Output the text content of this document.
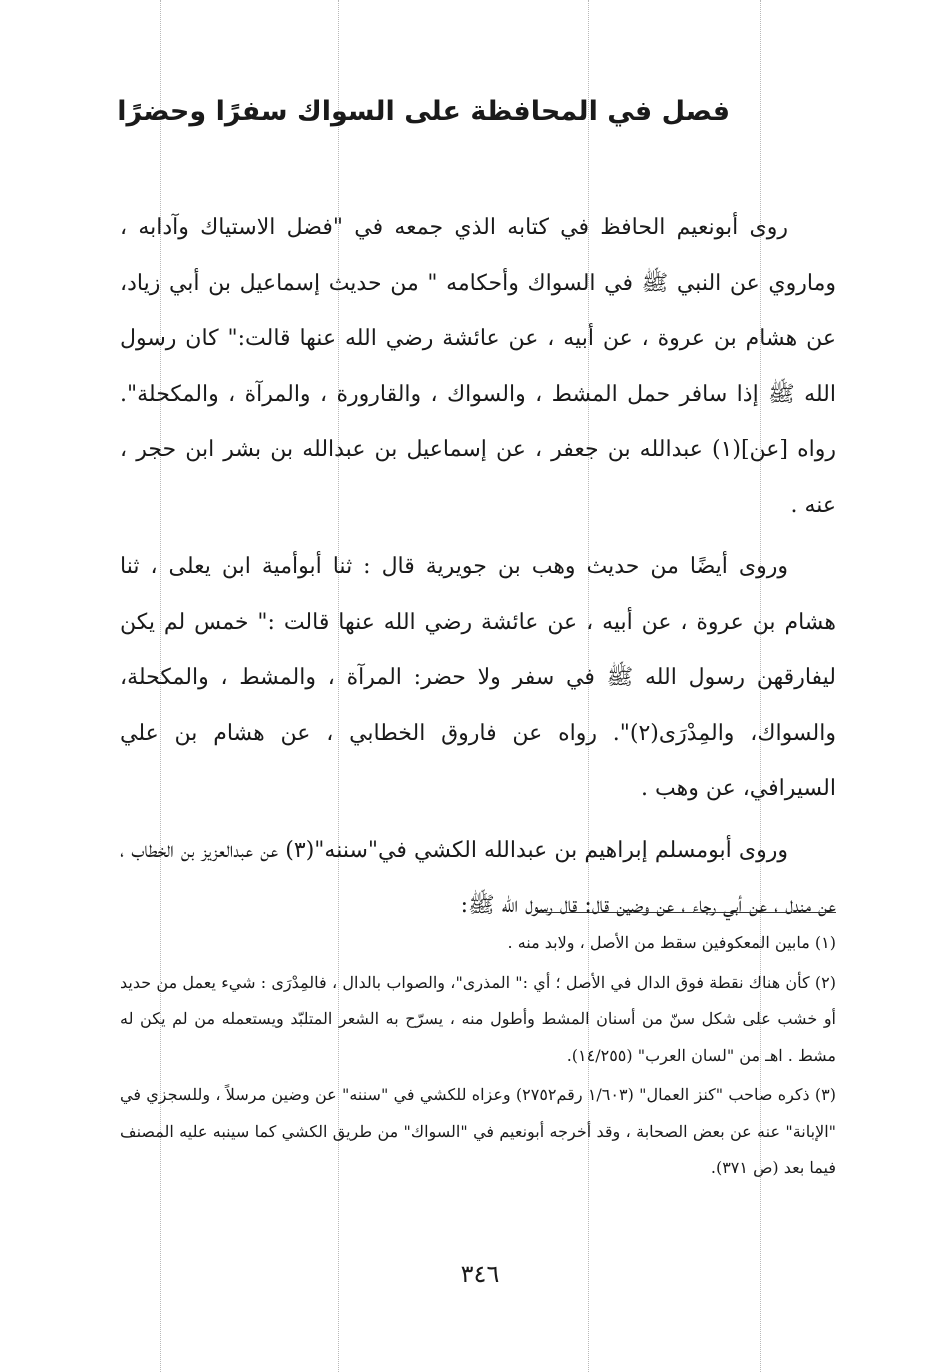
فصل في المحافظة على السواك سفرًا وحضرًا

روى أبونعيم الحافظ في كتابه الذي جمعه في "فضل الاستياك وآدابه ، وماروي عن النبي ﷺ في السواك وأحكامه " من حديث إسماعيل بن أبي زياد، عن هشام بن عروة ، عن أبيه ، عن عائشة رضي الله عنها قالت:" كان رسول الله ﷺ إذا سافر حمل المشط ، والسواك ، والقارورة ، والمرآة ، والمكحلة". رواه [عن](١) عبدالله بن جعفر ، عن إسماعيل بن عبدالله بن بشر ابن حجر ، عنه .

وروى أيضًا من حديث وهب بن جويرية قال : ثنا أبوأمية ابن يعلى ، ثنا هشام بن عروة ، عن أبيه ، عن عائشة رضي الله عنها قالت :" خمس لم يكن ليفارقهن رسول الله ﷺ في سفر ولا حضر: المرآة ، والمشط ، والمكحلة، والسواك، والمِدْرَى(٢)". رواه عن فاروق الخطابي ، عن هشام بن علي السيرافي، عن وهب .

وروى أبومسلم إبراهيم بن عبدالله الكشي في"سننه"(٣) عن عبدالعزيز بن الخطاب ، عن مندل ، عن أبي رجاء ، عن وضين قال: قال رسول الله ﷺ:

(١) مابين المعكوفين سقط من الأصل ، ولابد منه .

(٢) كأن هناك نقطة فوق الدال في الأصل ؛ أي :" المذرى"، والصواب بالدال ، فالمِدْرَى : شيء يعمل من حديد أو خشب على شكل سنّ من أسنان المشط وأطول منه ، يسرّح به الشعر المتلبّد ويستعمله من لم يكن له مشط . اهـ من "لسان العرب" (١٤/٢٥٥).

(٣) ذكره صاحب "كنز العمال" (١/٦٠٣ رقم٢٧٥٢) وعزاه للكشي في "سننه" عن وضين مرسلاً ، وللسجزي في "الإبانة" عنه عن بعض الصحابة ، وقد أخرجه أبونعيم في "السواك" من طريق الكشي كما سينبه عليه المصنف فيما بعد (ص ٣٧١).

٣٤٦
